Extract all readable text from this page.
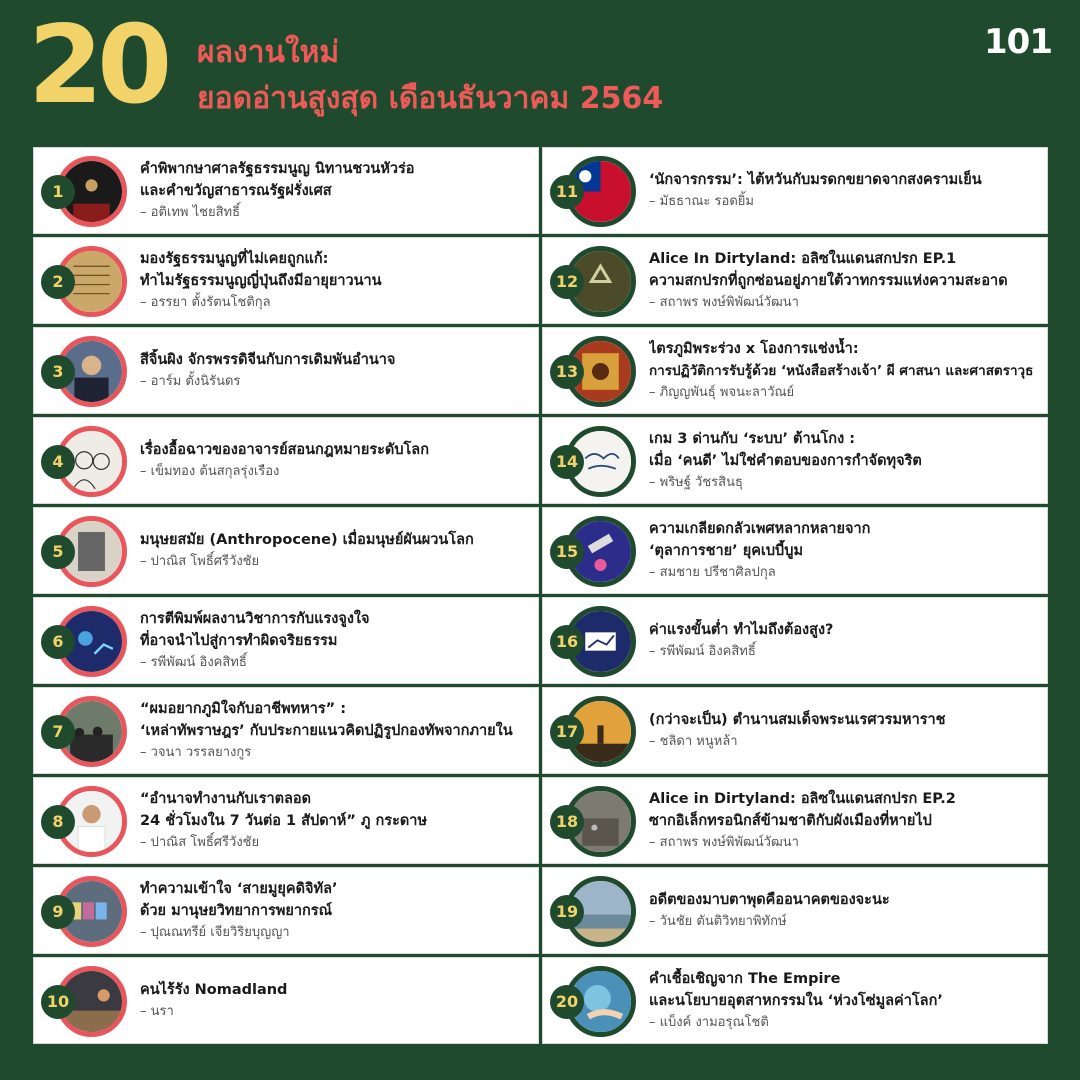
20 ผลงานใหม่
ยอดอ่านสูงสุด เดือนธันวาคม 2564
101
1
คำพิพากษาศาลรัฐธรรมนูญ นิทานชวนหัวร่อ
และคำขวัญสาธารณรัฐฝรั่งเศส
– อติเทพ ไชยสิทธิ์
2
มองรัฐธรรมนูญที่ไม่เคยถูกแก้:
ทำไมรัฐธรรมนูญญี่ปุ่นถึงมีอายุยาวนาน
– อรรยา ตั้งรัตนโชติกุล
3
สีจิ้นผิง จักรพรรดิจีนกับการเดิมพันอำนาจ
– อาร์ม ตั้งนิรันดร
4
เรื่องอื้อฉาวของอาจารย์สอนกฎหมายระดับโลก
– เข็มทอง ต้นสกุลรุ่งเรือง
5
มนุษยสมัย (Anthropocene) เมื่อมนุษย์ผันผวนโลก
– ปาณิส โพธิ์ศรีวังชัย
6
การตีพิมพ์ผลงานวิชาการกับแรงจูงใจ
ที่อาจนำไปสู่การทำผิดจริยธรรม
– รพีพัฒน์ อิงคสิทธิ์
7
“ผมอยากภูมิใจกับอาชีพทหาร” :
‘เหล่าทัพราษฎร’ กับประกายแนวคิดปฏิรูปกองทัพจากภายใน
– วจนา วรรลยางกูร
8
“อำนาจทำงานกับเราตลอด
24 ชั่วโมงใน 7 วันต่อ 1 สัปดาห์” ภู กระดาษ
– ปาณิส โพธิ์ศรีวังชัย
9
ทำความเข้าใจ ‘สายมูยุคดิจิทัล’
ด้วย มานุษยวิทยาการพยากรณ์
– ปุณณทรีย์ เจียวิริยบุญญา
10
คนไร้รัง Nomadland
– นรา
11
‘นักจารกรรม’: ไต้หวันกับมรดกขยาดจากสงครามเย็น
– มัธธาณะ รอดยิ้ม
12
Alice In Dirtyland: อลิซในแดนสกปรก EP.1
ความสกปรกที่ถูกซ่อนอยู่ภายใต้วาทกรรมแห่งความสะอาด
– สถาพร พงษ์พิพัฒน์วัฒนา
13
ไตรภูมิพระร่วง x โองการแช่งน้ำ:
การปฏิวัติการรับรู้ด้วย ‘หนังสือสร้างเจ้า’ ผี ศาสนา และศาสตราวุธ
– ภิญญพันธุ์ พจนะลาวัณย์
14
เกม 3 ด่านกับ ‘ระบบ’ ต้านโกง :
เมื่อ ‘คนดี’ ไม่ใช่คำตอบของการกำจัดทุจริต
– พริษฐ์ วัชรสินธุ
15
ความเกลียดกลัวเพศหลากหลายจาก
‘ตุลาการชาย’ ยุคเบบี้บูม
– สมชาย ปรีชาศิลปกุล
16
ค่าแรงขั้นต่ำ ทำไมถึงต้องสูง?
– รพีพัฒน์ อิงคสิทธิ์
17
(กว่าจะเป็น) ตำนานสมเด็จพระนเรศวรมหาราช
– ชลิดา หนูหล้า
18
Alice in Dirtyland: อลิซในแดนสกปรก EP.2
ซากอิเล็กทรอนิกส์ข้ามชาติกับผังเมืองที่หายไป
– สถาพร พงษ์พิพัฒน์วัฒนา
19
อดีตของมาบตาพุดคืออนาคตของจะนะ
– วันชัย ตันติวิทยาพิทักษ์
20
คำเชื้อเชิญจาก The Empire
และนโยบายอุตสาหกรรมใน ‘ห่วงโซ่มูลค่าโลก’
– แบ็งค์ งามอรุณโชติ
